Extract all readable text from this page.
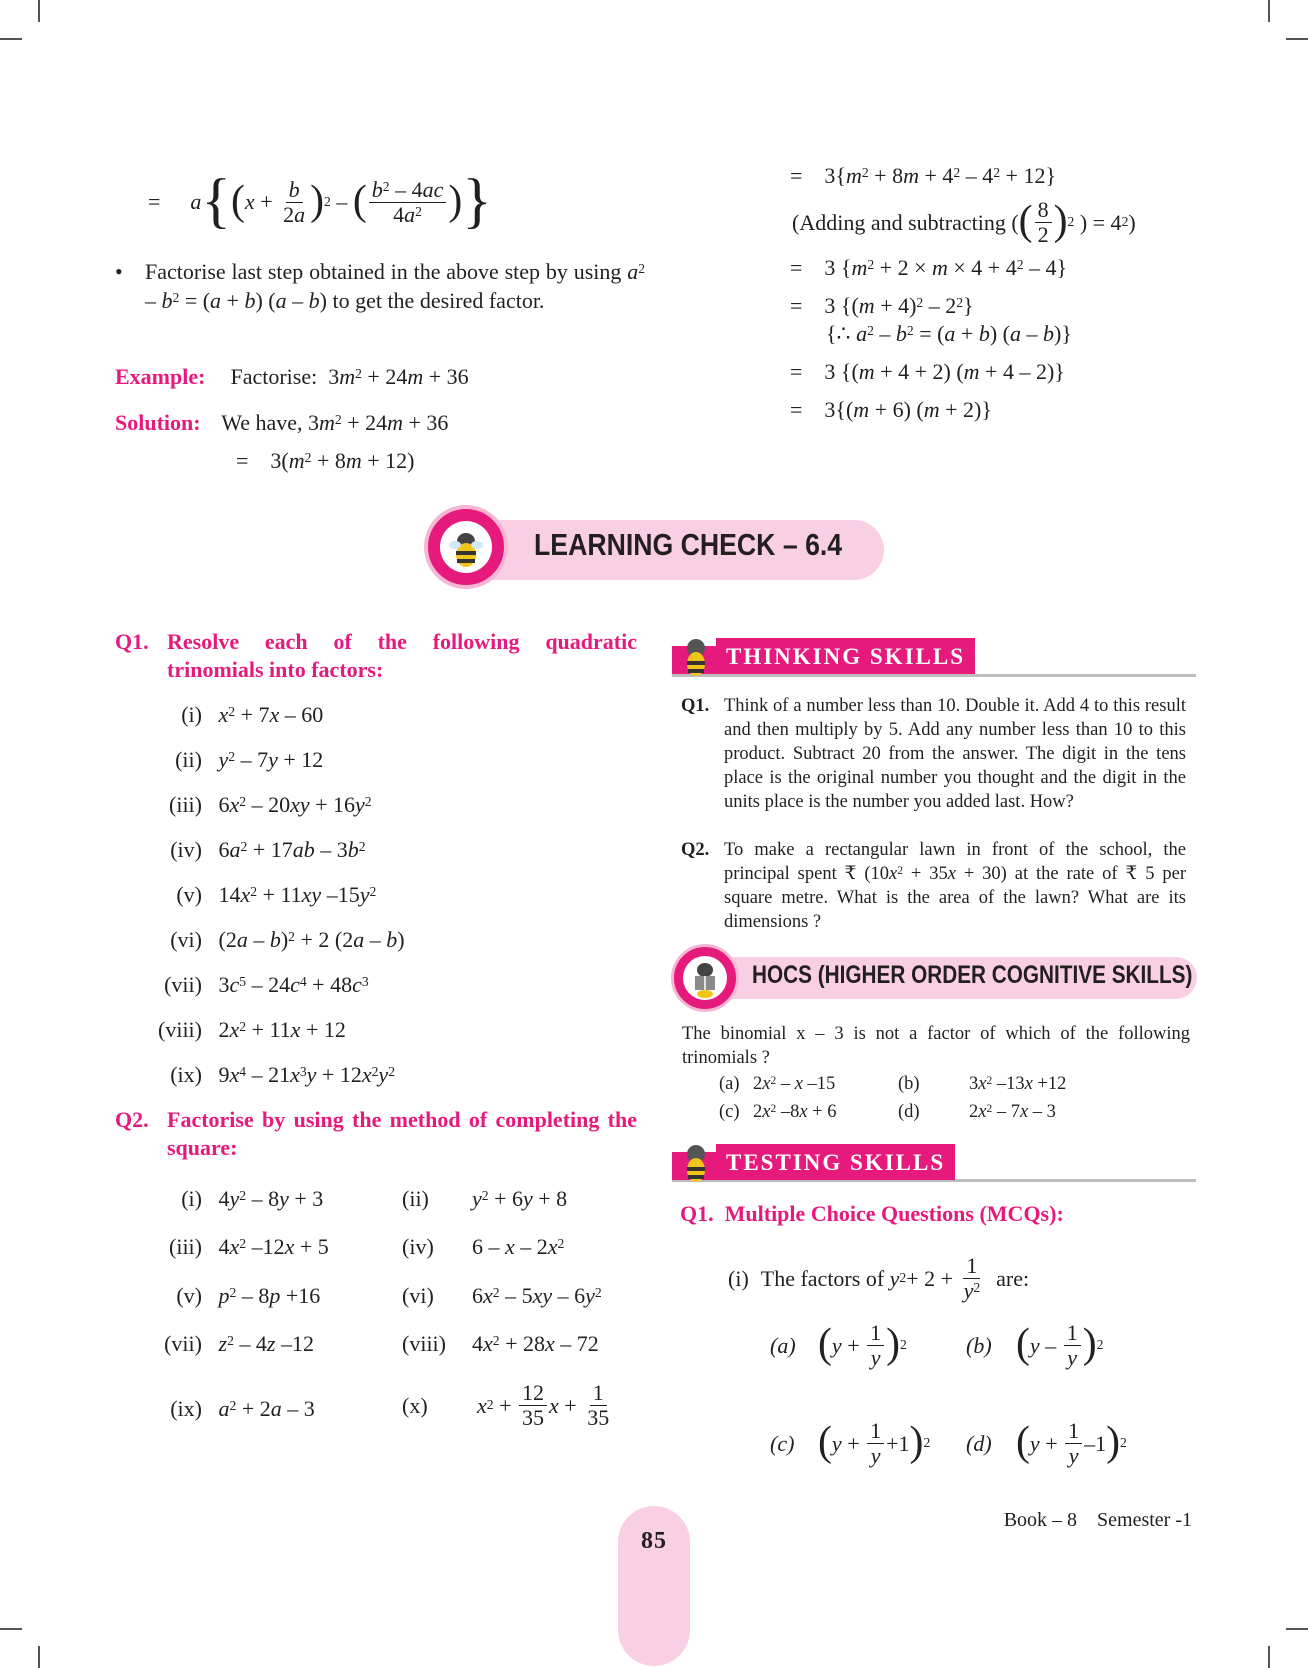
= a { ( $x + \frac{b}{2a}$ ) 2 – ( $\frac{b^2 - 4ac}{4a^2}$ ) }
• Factorise last step obtained in the above step by using $a^2 - b^2 = (a + b)$ (a – b) to get the desired factor.
Example: Factorise:  $3m^2 + 24m + 36$
Solution: We have, $3m^2 + 24m + 36$
=    $3(m^2 + 8m + 12)$
=    $3\{m^2 + 8m + 4^2 - 4^2 + 12\}$
(Adding and subtracting ( ( $\frac{8}{2}$ ) 2 ) = 4 2 )
=    3 $\{m^2 + 2 \times m \times 4 + 4^2 - 4\}$
=    3 $\{(m + 4)^2 - 2^2\}$
{∴ $a^2 - b^2 = (a + b)$ (a – b)}
=    3 {(m + 4 + 2) (m + 4 – 2)}
=    3{(m + 6) (m + 2)}
LEARNING CHECK – 6.4
Q1. Resolve each of the following quadratic trinomials into factors:
(i) $x^2 + 7x - 60$
(ii) $y^2 - 7y + 12$
(iii)   $6x^2 - 20xy + 16y^2$
(iv)   $6a^2 + 17ab - 3b^2$
(v)   $14x^2 + 11xy$ $-15y^2$
(vi)   (2a – b)$^2$ + 2 (2a – b)
(vii)   $3c^5 - 24c^4 + 48c^3$
(viii)   $2x^2 + 11x + 12$
(ix)   $9x^4 - 21x^3y + 12x^2y^2$
Q2. Factorise by using the method of completing the square:
(i)   $4y^2 - 8y + 3$	(ii) $y^2 + 6y + 8$
(iii)   $4x^2$ –12x + 5	(iv) 6 – x – $2x^2$
(v) $p^2 - 8p +16$	(vi) $6x^2 - 5xy - 6y^2$
(vii) $z^2 - 4z$ –12	(viii) $4x^2 + 28x - 72$
(ix) $a^2 + 2a - 3$	(x)	x $2 + \frac{12}{35}$ $x + \frac{1}{35}$
THINKING SKILLS
Q1. Think of a number less than 10. Double it. Add 4 to this result and then multiply by 5. Add any number less than 10 to this product. Subtract 20 from the answer. The digit in the tens place is the original number you thought and the digit in the units place is the number you added last. How?
Q2. To make a rectangular lawn in front of the school, the principal spent ₹ $(10x^2 + 35x + 30)$ at the rate of ₹ 5 per square metre. What is the area of the lawn? What are its dimensions ?
HOCS (HIGHER ORDER COGNITIVE SKILLS)
The binomial x – 3 is not a factor of which of the following trinomials ?
(a) $2x^2$ – x –15	(b)	$3x^2$ –13x +12
(c) $2x^2$ –8x + 6	(d)	$2x^2 - 7x - 3$
TESTING SKILLS
Q1. Multiple Choice Questions (MCQs):
(i) The factors of
y $2 + 2 + \frac{1}{y^2}$
are:
(a) ( $y + \frac{1}{y}$ ) 2	(b) ( y – $\frac{1}{y}$ ) 2
(c) ( $y + \frac{1}{y} +1$ ) 2 (d) ( $y + \frac{1}{y} -1$ ) 2
85
Book – 8    Semester -1
